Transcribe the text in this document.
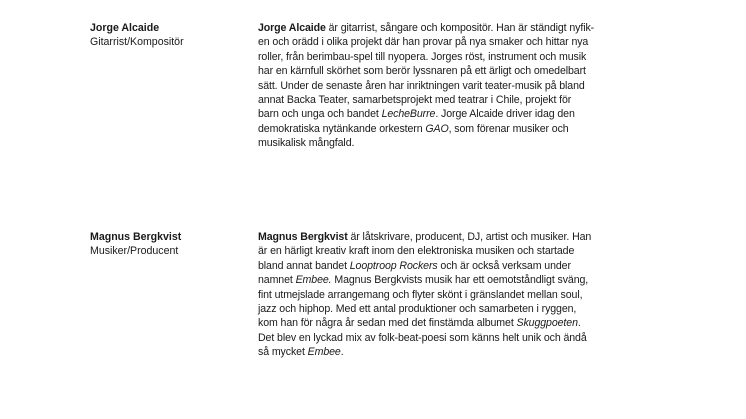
Jorge Alcaide
Gitarrist/Kompositör

Jorge Alcaide är gitarrist, sångare och kompositör. Han är ständigt nyfik-
en och orädd i olika projekt där han provar på nya smaker och hittar nya
roller, från berimbau-spel till nyopera. Jorges röst, instrument och musik
har en kärnfull skörhet som berör lyssnaren på ett ärligt och omedelbart
sätt. Under de senaste åren har inriktningen varit teater-musik på bland
annat Backa Teater, samarbetsprojekt med teatrar i Chile, projekt för
barn och unga och bandet LecheBurre. Jorge Alcaide driver idag den
demokratiska nytänkande orkestern GAO, som förenar musiker och
musikalisk mångfald.

Magnus Bergkvist
Musiker/Producent

Magnus Bergkvist är låtskrivare, producent, DJ, artist och musiker. Han
är en härligt kreativ kraft inom den elektroniska musiken och startade
bland annat bandet Looptroop Rockers och är också verksam under
namnet Embee. Magnus Bergkvists musik har ett oemotståndligt sväng,
fint utmejslade arrangemang och flyter skönt i gränslandet mellan soul,
jazz och hiphop. Med ett antal produktioner och samarbeten i ryggen,
kom han för några år sedan med det finstämda albumet Skuggpoeten.
Det blev en lyckad mix av folk-beat-poesi som känns helt unik och ändå
så mycket Embee.
